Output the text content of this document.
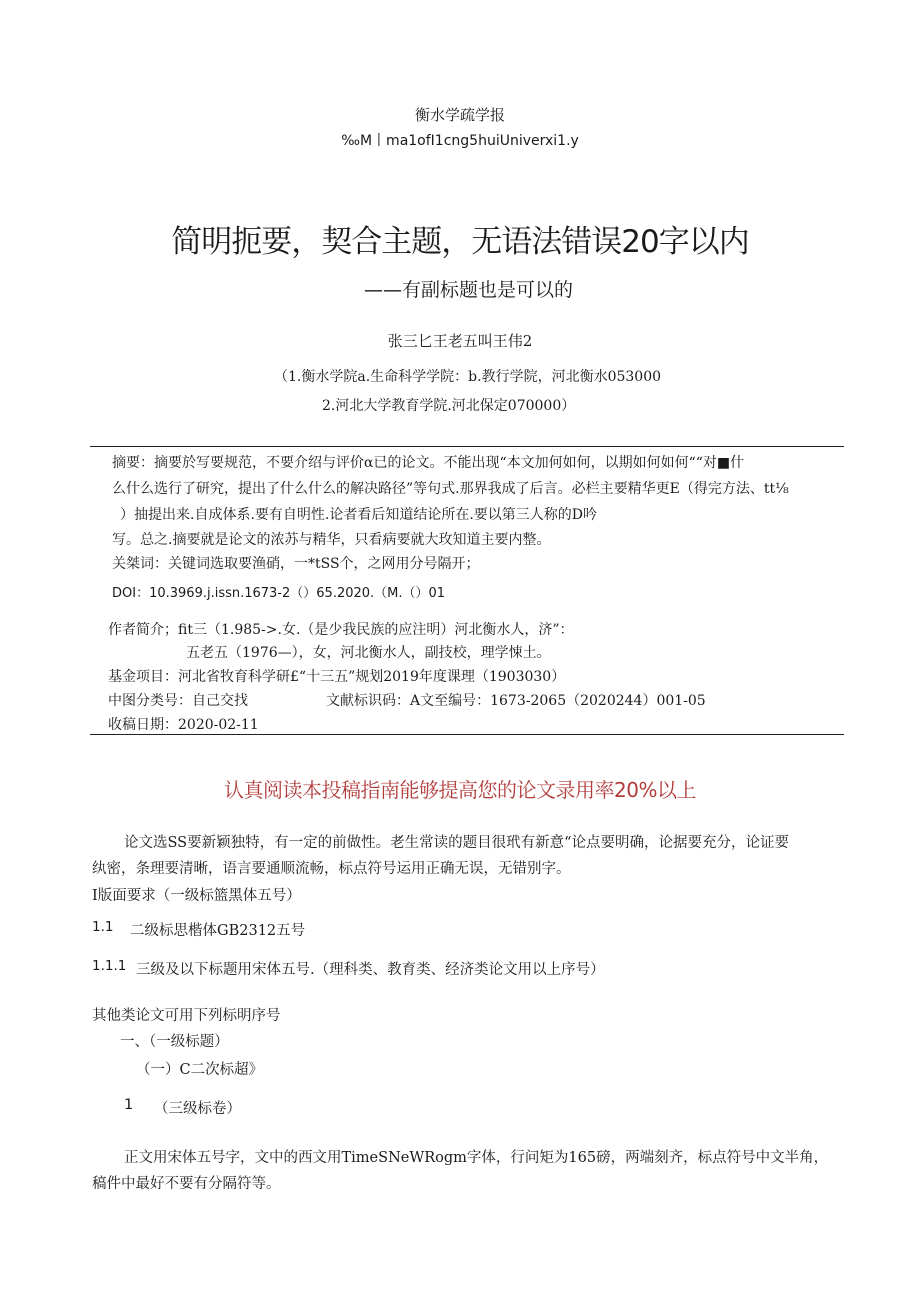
衡水学疏学报
‰M丨ma1ofI1cng5huiUniverxi1.y
简明扼要，契合主题，无语法错误20字以内
——有副标题也是可以的
张三匕王老五叫王伟2
（1.衡水学院a.生命科学学院：b.教行学院，河北衡水053000
2.河北大学教育学院.河北保定070000）
摘要：摘要於写要规范，不要介绍与评价α已的论文。不能出现“本文加何如何，以期如何如何““对■什
么什么选行了研究，提出了什么什么的解决路径”等句式.那界我成了后言。必栏主要精华更E（得完方法、tt⅛
）抽提出来.自成体系.要有自明性.论者看后知道结论所在.要以第三人称的D吟
写。总之.摘要就是论文的浓苏与精华，只看病要就大玫知道主要内整。
关桀词：关键词选取要渔硝，一*tSS个，之网用分号隔开；
DOI：10.3969.j.issn.1673-2（）65.2020.（M.（）01
作者简介；fit三（1.985->.女.（是少我民族的应注明）河北衡水人，济”：
五老五（1976—），女，河北衡水人，副技校，理学悚土。
基金项目：河北省牧育科学研£“十三五”规划2019年度课理（1903030）
中图分类号：自己交找	文献标识码：A文至编号：1673-2065（2020244）001-05
收稿日期：2020-02-11
认真阅读本投稿指南能够提高您的论文录用率20%以上
论文选SS要新颖独特，有一定的前做性。老生常读的题目很玳有新意“论点要明确，论据要充分，论证要
纨密，条理要清晰，语言要通顺流畅，标点符号运用正确无误，无错别字。
I版面要求（一级标篮黑体五号）
1.1 二级标思楷体GB2312五号
1.1.1 三级及以下标题用宋体五号.（理科类、教育类、经济类论文用以上序号）
其他类论文可用下列标明序号
一、（一级标题）
（一）C二次标超》
1 （三级标卷）
正文用宋体五号字，文中的西文用TimeSNeWRogm字体，行问矩为165磅，两端刻齐，标点符号中文半角，
稿件中最好不要有分隔符等。
